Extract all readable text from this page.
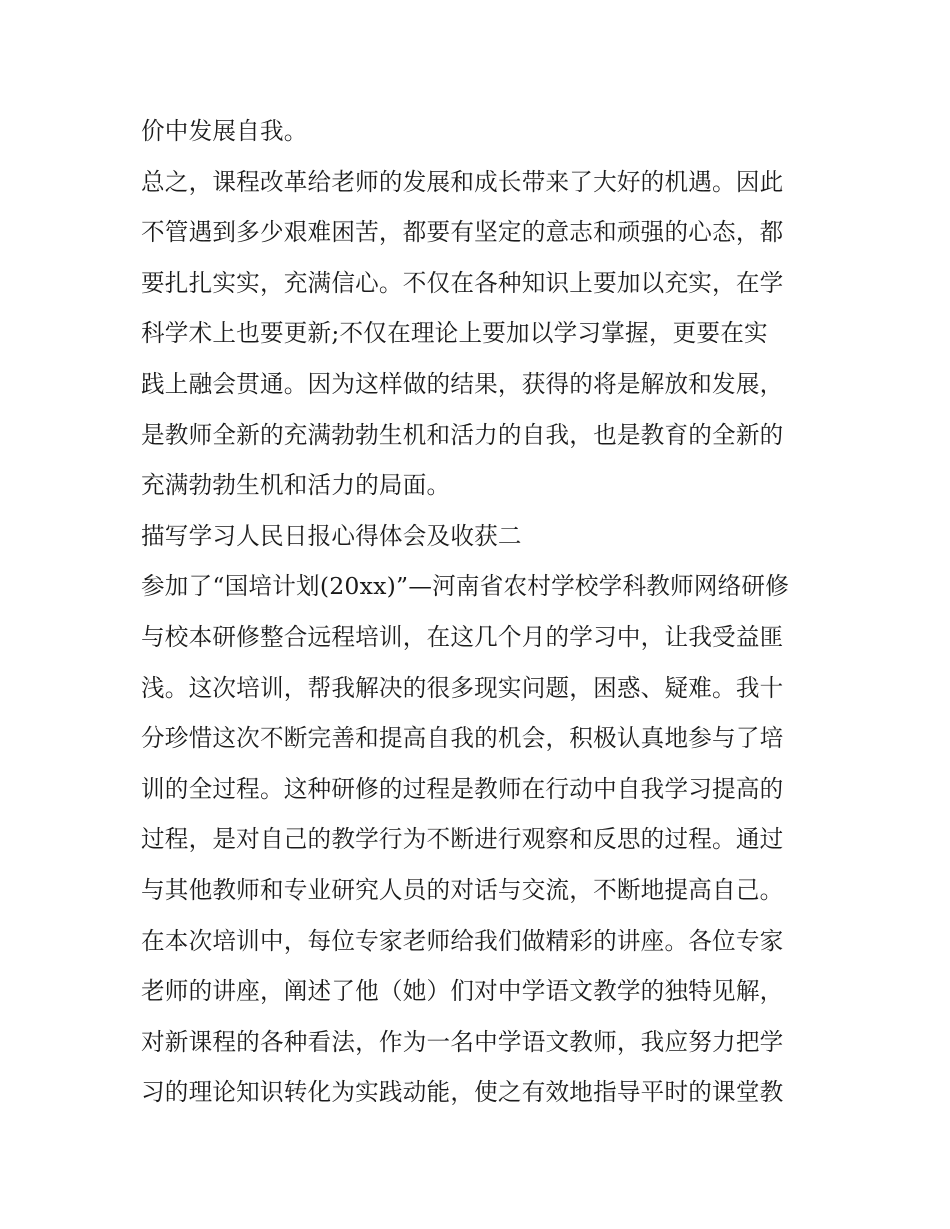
价中发展自我。
总之，课程改革给老师的发展和成长带来了大好的机遇。因此
不管遇到多少艰难困苦，都要有坚定的意志和顽强的心态，都
要扎扎实实，充满信心。不仅在各种知识上要加以充实，在学
科学术上也要更新;不仅在理论上要加以学习掌握，更要在实
践上融会贯通。因为这样做的结果，获得的将是解放和发展，
是教师全新的充满勃勃生机和活力的自我，也是教育的全新的
充满勃勃生机和活力的局面。
描写学习人民日报心得体会及收获二
参加了“国培计划(20xx)”—河南省农村学校学科教师网络研修
与校本研修整合远程培训，在这几个月的学习中，让我受益匪
浅。这次培训，帮我解决的很多现实问题，困惑、疑难。我十
分珍惜这次不断完善和提高自我的机会，积极认真地参与了培
训的全过程。这种研修的过程是教师在行动中自我学习提高的
过程，是对自己的教学行为不断进行观察和反思的过程。通过
与其他教师和专业研究人员的对话与交流，不断地提高自己。
在本次培训中，每位专家老师给我们做精彩的讲座。各位专家
老师的讲座，阐述了他（她）们对中学语文教学的独特见解，
对新课程的各种看法，作为一名中学语文教师，我应努力把学
习的理论知识转化为实践动能，使之有效地指导平时的课堂教
